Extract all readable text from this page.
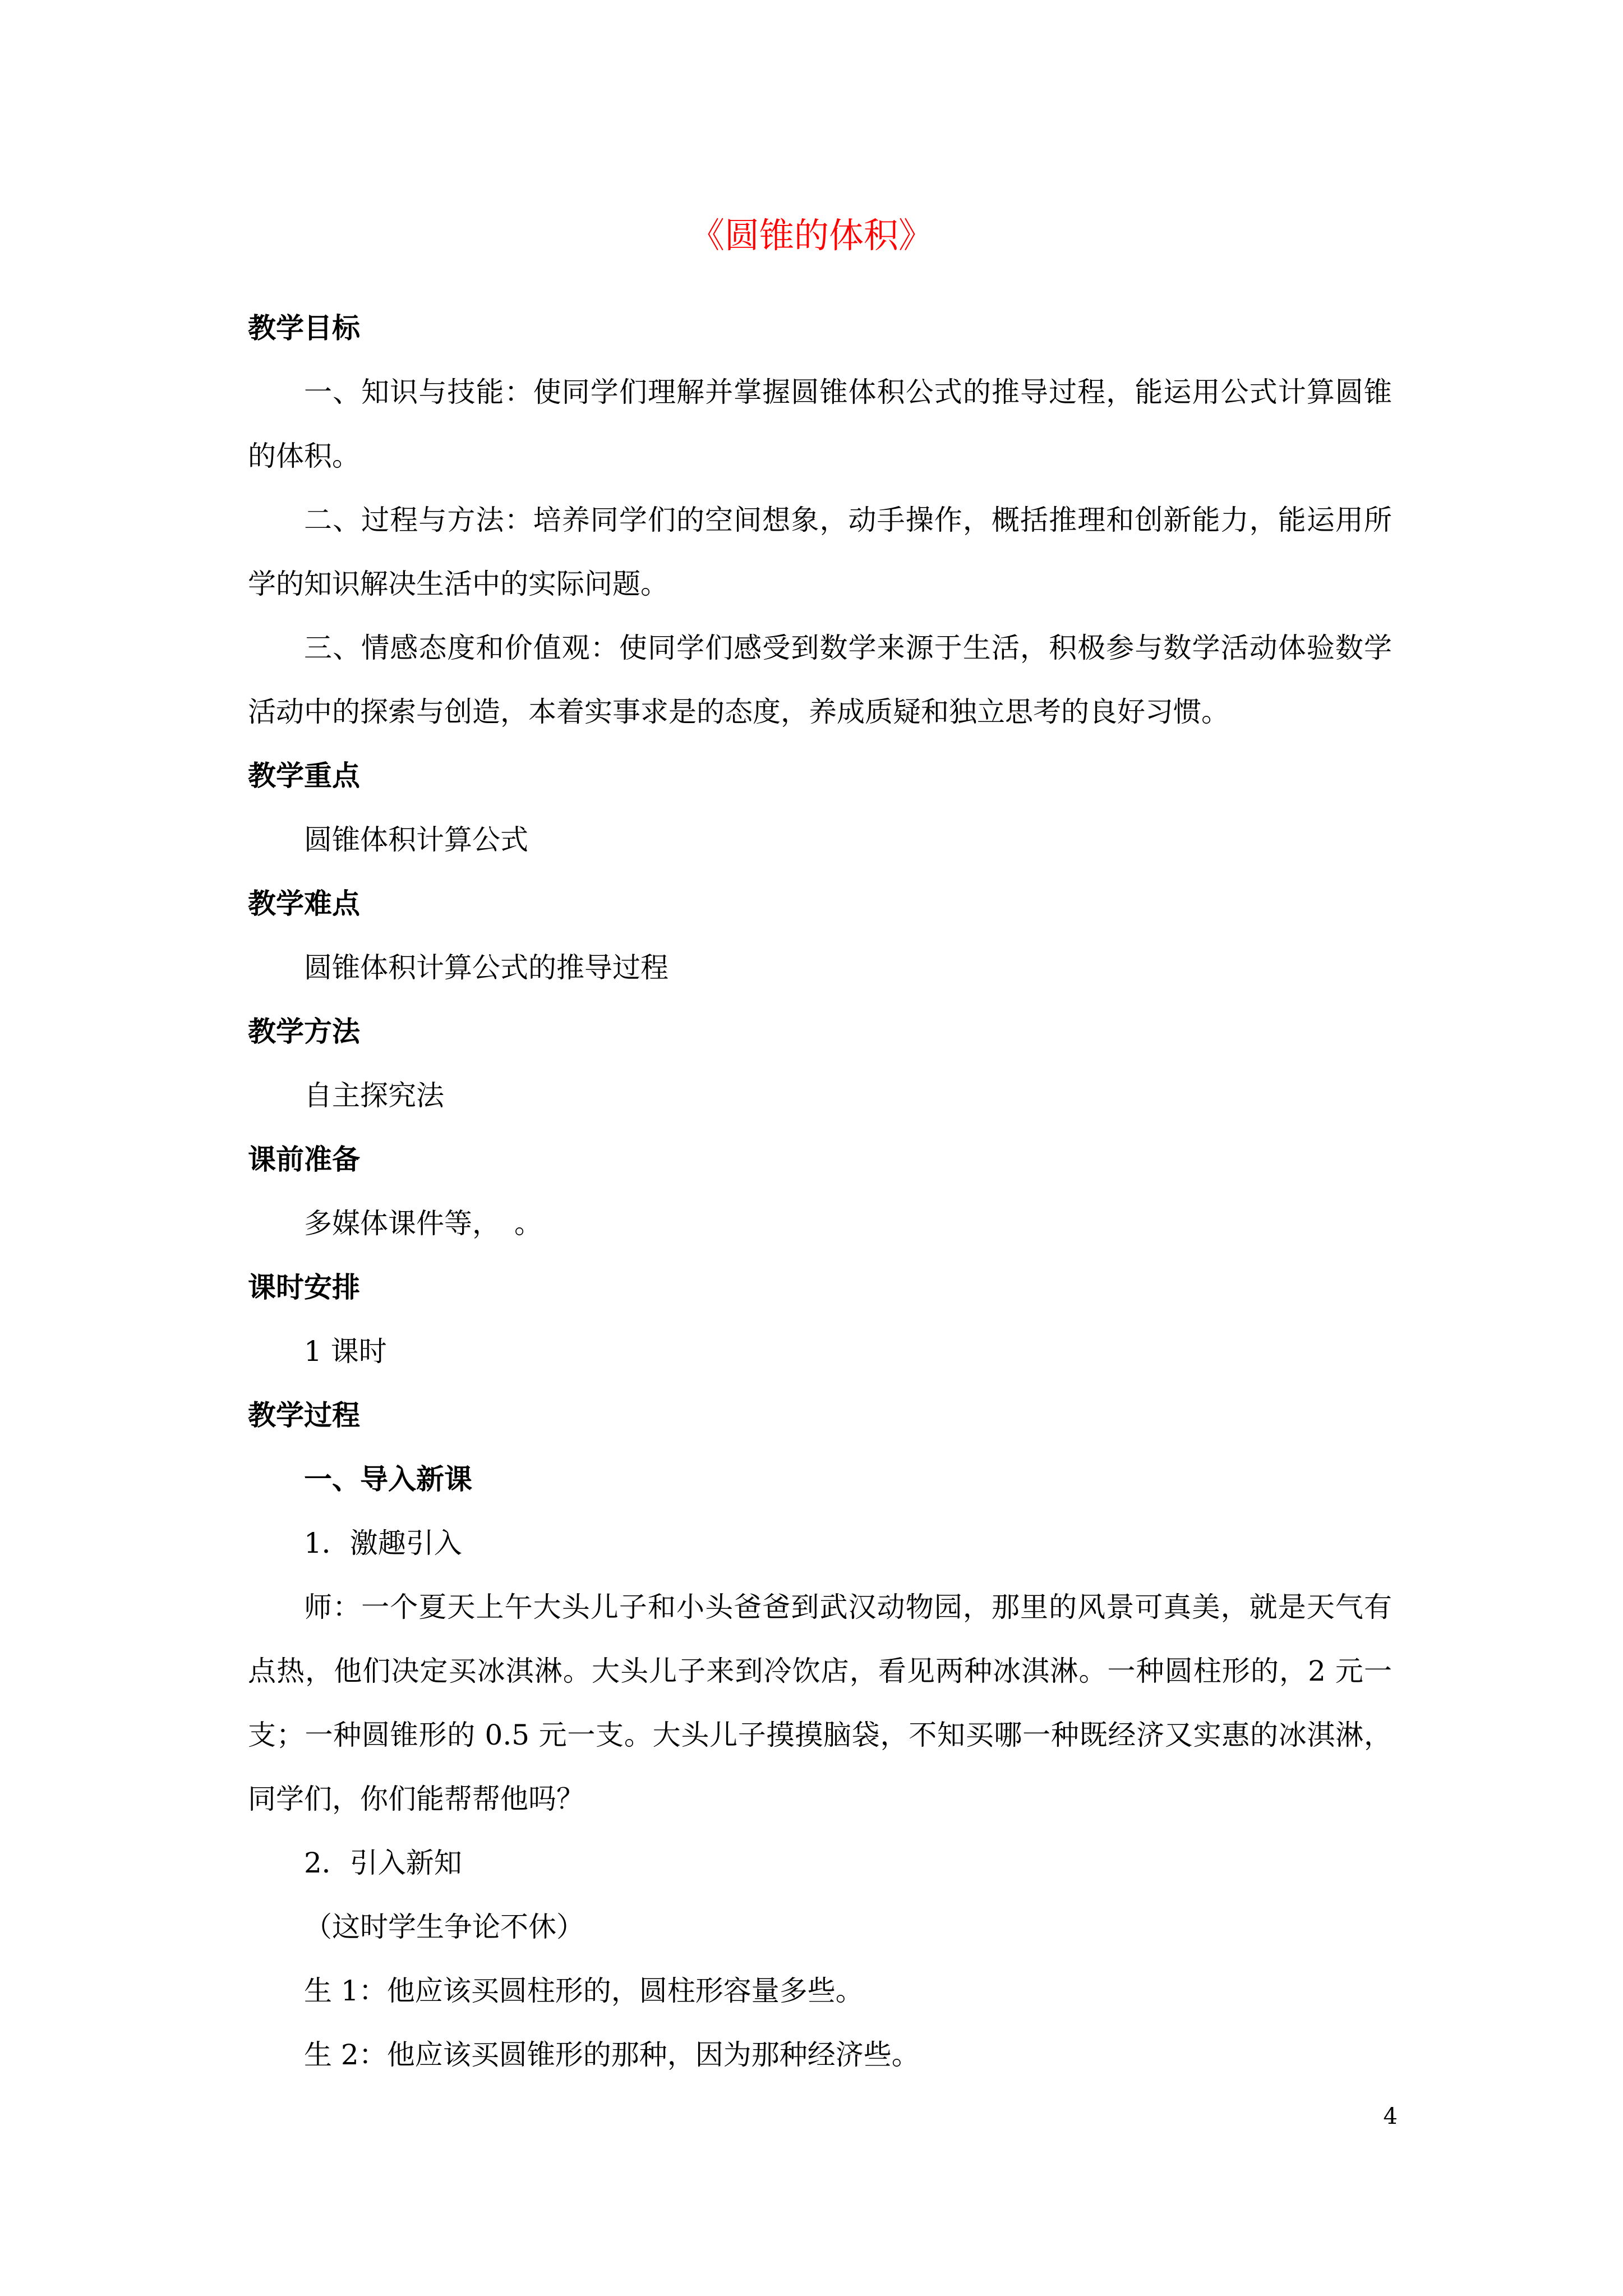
《圆锥的体积》
教学目标
一、知识与技能：使同学们理解并掌握圆锥体积公式的推导过程，能运用公式计算圆锥
的体积。
二、过程与方法：培养同学们的空间想象，动手操作，概括推理和创新能力，能运用所
学的知识解决生活中的实际问题。
三、情感态度和价值观：使同学们感受到数学来源于生活，积极参与数学活动体验数学
活动中的探索与创造，本着实事求是的态度，养成质疑和独立思考的良好习惯。
教学重点
圆锥体积计算公式
教学难点
圆锥体积计算公式的推导过程
教学方法
自主探究法
课前准备
多媒体课件等，　。
课时安排
1 课时
教学过程
一、导入新课
1．激趣引入
师：一个夏天上午大头儿子和小头爸爸到武汉动物园，那里的风景可真美，就是天气有
点热，他们决定买冰淇淋。大头儿子来到冷饮店，看见两种冰淇淋。一种圆柱形的，2 元一
支；一种圆锥形的 0.5 元一支。大头儿子摸摸脑袋，不知买哪一种既经济又实惠的冰淇淋，
同学们，你们能帮帮他吗？
2．引入新知
（这时学生争论不休）
生 1：他应该买圆柱形的，圆柱形容量多些。
生 2：他应该买圆锥形的那种，因为那种经济些。
4
